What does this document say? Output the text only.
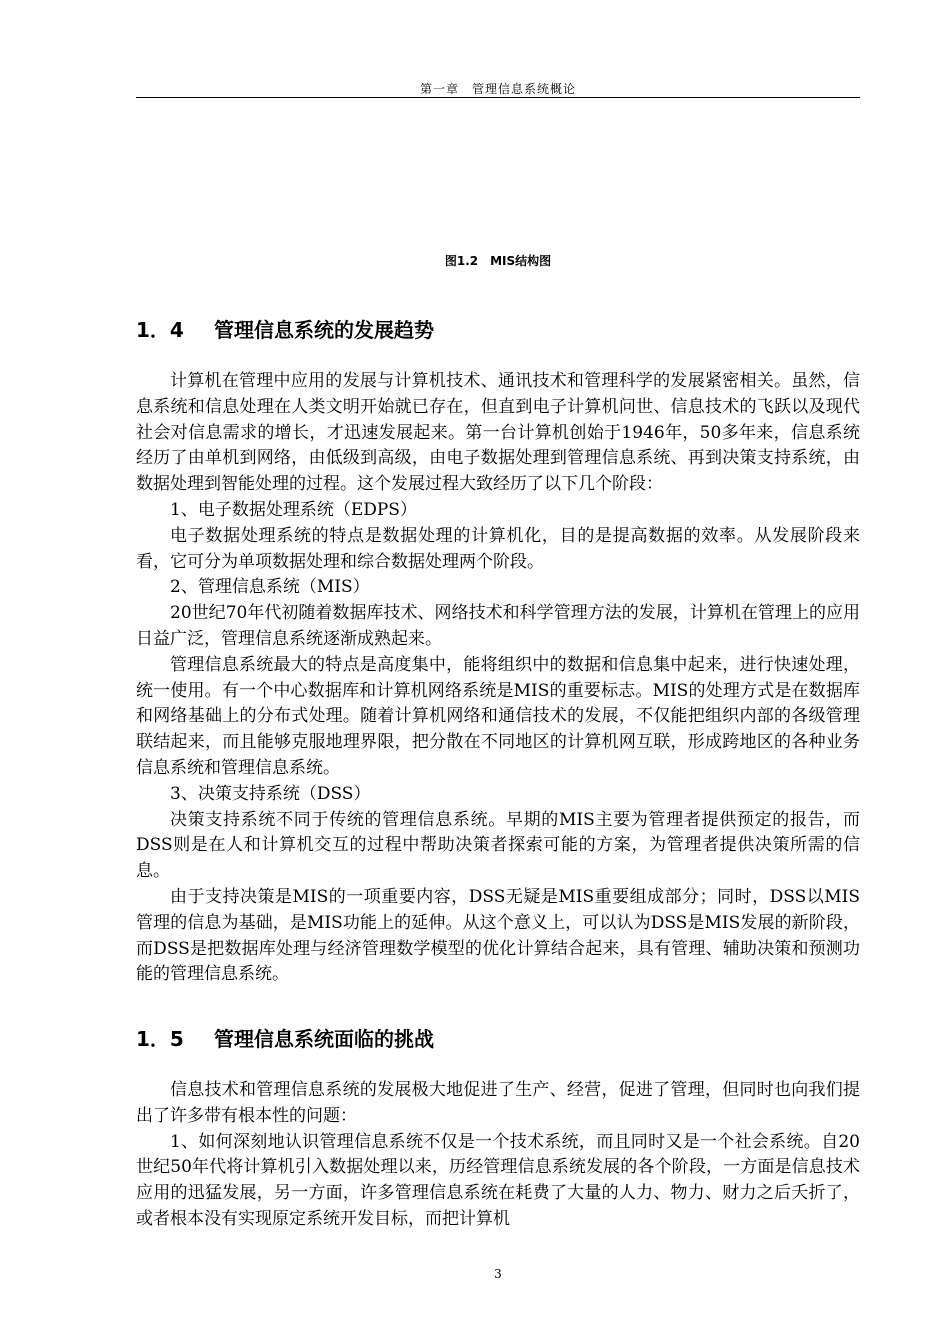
第一章　管理信息系统概论
图1.2　MIS结构图
1．4 管理信息系统的发展趋势

计算机在管理中应用的发展与计算机技术、通讯技术和管理科学的发展紧密相关。虽然，信息系统和信息处理在人类文明开始就已存在，但直到电子计算机问世、信息技术的飞跃以及现代社会对信息需求的增长，才迅速发展起来。第一台计算机创始于1946年，50多年来，信息系统经历了由单机到网络，由低级到高级，由电子数据处理到管理信息系统、再到决策支持系统，由数据处理到智能处理的过程。这个发展过程大致经历了以下几个阶段：

1、电子数据处理系统（EDPS）

电子数据处理系统的特点是数据处理的计算机化，目的是提高数据的效率。从发展阶段来看，它可分为单项数据处理和综合数据处理两个阶段。

2、管理信息系统（MIS）

20世纪70年代初随着数据库技术、网络技术和科学管理方法的发展，计算机在管理上的应用日益广泛，管理信息系统逐渐成熟起来。

管理信息系统最大的特点是高度集中，能将组织中的数据和信息集中起来，进行快速处理，统一使用。有一个中心数据库和计算机网络系统是MIS的重要标志。MIS的处理方式是在数据库和网络基础上的分布式处理。随着计算机网络和通信技术的发展，不仅能把组织内部的各级管理联结起来，而且能够克服地理界限，把分散在不同地区的计算机网互联，形成跨地区的各种业务信息系统和管理信息系统。

3、决策支持系统（DSS）

决策支持系统不同于传统的管理信息系统。早期的MIS主要为管理者提供预定的报告，而DSS则是在人和计算机交互的过程中帮助决策者探索可能的方案，为管理者提供决策所需的信息。

由于支持决策是MIS的一项重要内容，DSS无疑是MIS重要组成部分；同时，DSS以MIS管理的信息为基础，是MIS功能上的延伸。从这个意义上，可以认为DSS是MIS发展的新阶段，而DSS是把数据库处理与经济管理数学模型的优化计算结合起来，具有管理、辅助决策和预测功能的管理信息系统。

1．5 管理信息系统面临的挑战

信息技术和管理信息系统的发展极大地促进了生产、经营，促进了管理，但同时也向我们提出了许多带有根本性的问题：

1、如何深刻地认识管理信息系统不仅是一个技术系统，而且同时又是一个社会系统。自20世纪50年代将计算机引入数据处理以来，历经管理信息系统发展的各个阶段，一方面是信息技术应用的迅猛发展，另一方面，许多管理信息系统在耗费了大量的人力、物力、财力之后夭折了，或者根本没有实现原定系统开发目标，而把计算机

3
